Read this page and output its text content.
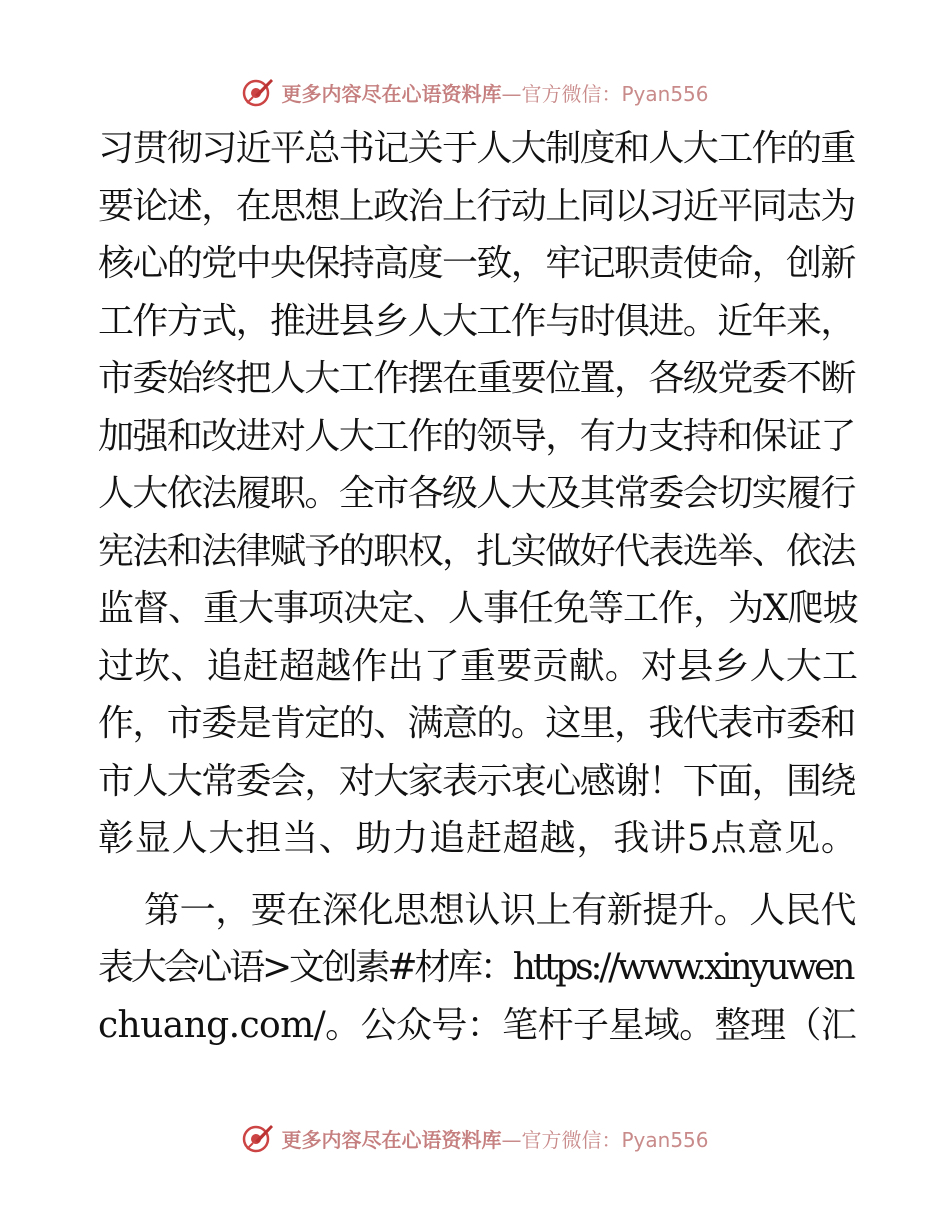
更多内容尽在心语资料库—官方微信：Pyan556
习贯彻习近平总书记关于人大制度和人大工作的重
要论述，在思想上政治上行动上同以习近平同志为
核心的党中央保持高度一致，牢记职责使命，创新
工作方式，推进县乡人大工作与时俱进。近年来，
市委始终把人大工作摆在重要位置，各级党委不断
加强和改进对人大工作的领导，有力支持和保证了
人大依法履职。全市各级人大及其常委会切实履行
宪法和法律赋予的职权，扎实做好代表选举、依法
监督、重大事项决定、人事任免等工作，为X爬坡
过坎、追赶超越作出了重要贡献。对县乡人大工
作，市委是肯定的、满意的。这里，我代表市委和
市人大常委会，对大家表示衷心感谢！下面，围绕
彰显人大担当、助力追赶超越，我讲5点意见。
第一，要在深化思想认识上有新提升。人民代
表大会心语>文创素#材库：https://www.xinyuwen
chuang.com/。公众号：笔杆子星域。整理（汇
更多内容尽在心语资料库—官方微信：Pyan556
